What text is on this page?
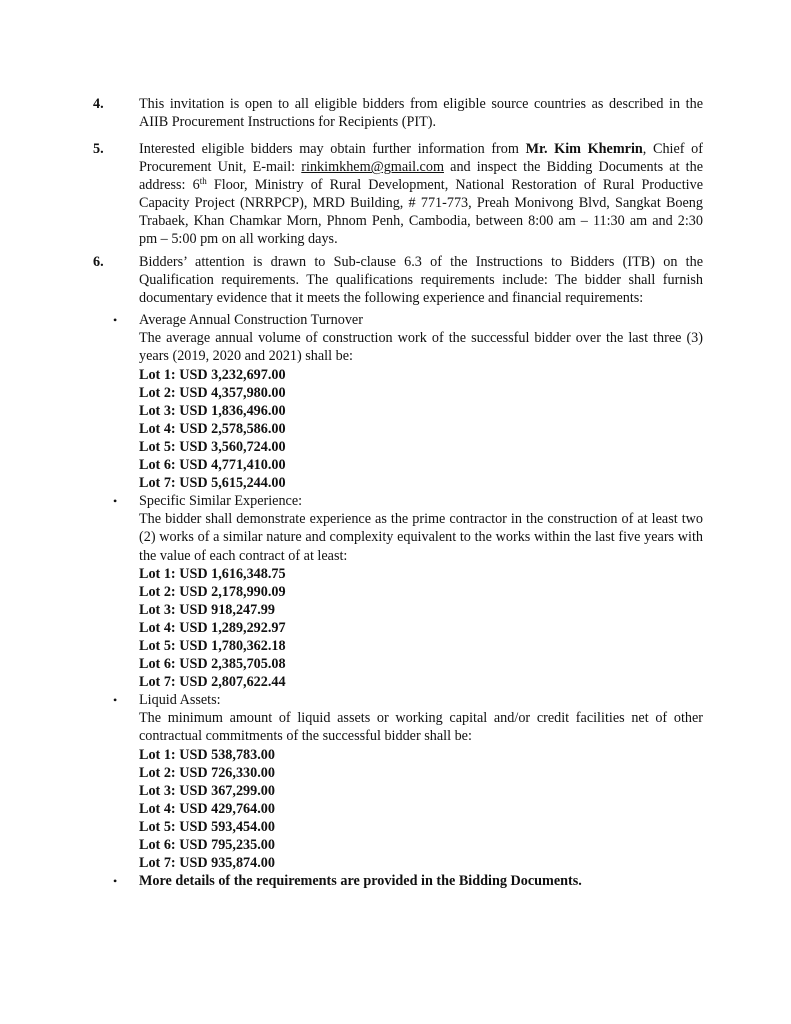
4. This invitation is open to all eligible bidders from eligible source countries as described in the AIIB Procurement Instructions for Recipients (PIT).
5. Interested eligible bidders may obtain further information from Mr. Kim Khemrin, Chief of Procurement Unit, E-mail: rinkimkhem@gmail.com and inspect the Bidding Documents at the address: 6th Floor, Ministry of Rural Development, National Restoration of Rural Productive Capacity Project (NRRPCP), MRD Building, # 771-773, Preah Monivong Blvd, Sangkat Boeng Trabaek, Khan Chamkar Morn, Phnom Penh, Cambodia, between 8:00 am – 11:30 am and 2:30 pm – 5:00 pm on all working days.
6. Bidders’ attention is drawn to Sub-clause 6.3 of the Instructions to Bidders (ITB) on the Qualification requirements. The qualifications requirements include: The bidder shall furnish documentary evidence that it meets the following experience and financial requirements:
• Average Annual Construction Turnover
The average annual volume of construction work of the successful bidder over the last three (3) years (2019, 2020 and 2021) shall be:
Lot 1: USD 3,232,697.00
Lot 2: USD 4,357,980.00
Lot 3: USD 1,836,496.00
Lot 4: USD 2,578,586.00
Lot 5: USD 3,560,724.00
Lot 6: USD 4,771,410.00
Lot 7: USD 5,615,244.00
• Specific Similar Experience:
The bidder shall demonstrate experience as the prime contractor in the construction of at least two (2) works of a similar nature and complexity equivalent to the works within the last five years with the value of each contract of at least:
Lot 1: USD 1,616,348.75
Lot 2: USD 2,178,990.09
Lot 3: USD 918,247.99
Lot 4: USD 1,289,292.97
Lot 5: USD 1,780,362.18
Lot 6: USD 2,385,705.08
Lot 7: USD 2,807,622.44
• Liquid Assets:
The minimum amount of liquid assets or working capital and/or credit facilities net of other contractual commitments of the successful bidder shall be:
Lot 1: USD 538,783.00
Lot 2: USD 726,330.00
Lot 3: USD 367,299.00
Lot 4: USD 429,764.00
Lot 5: USD 593,454.00
Lot 6: USD 795,235.00
Lot 7: USD 935,874.00
• More details of the requirements are provided in the Bidding Documents.
